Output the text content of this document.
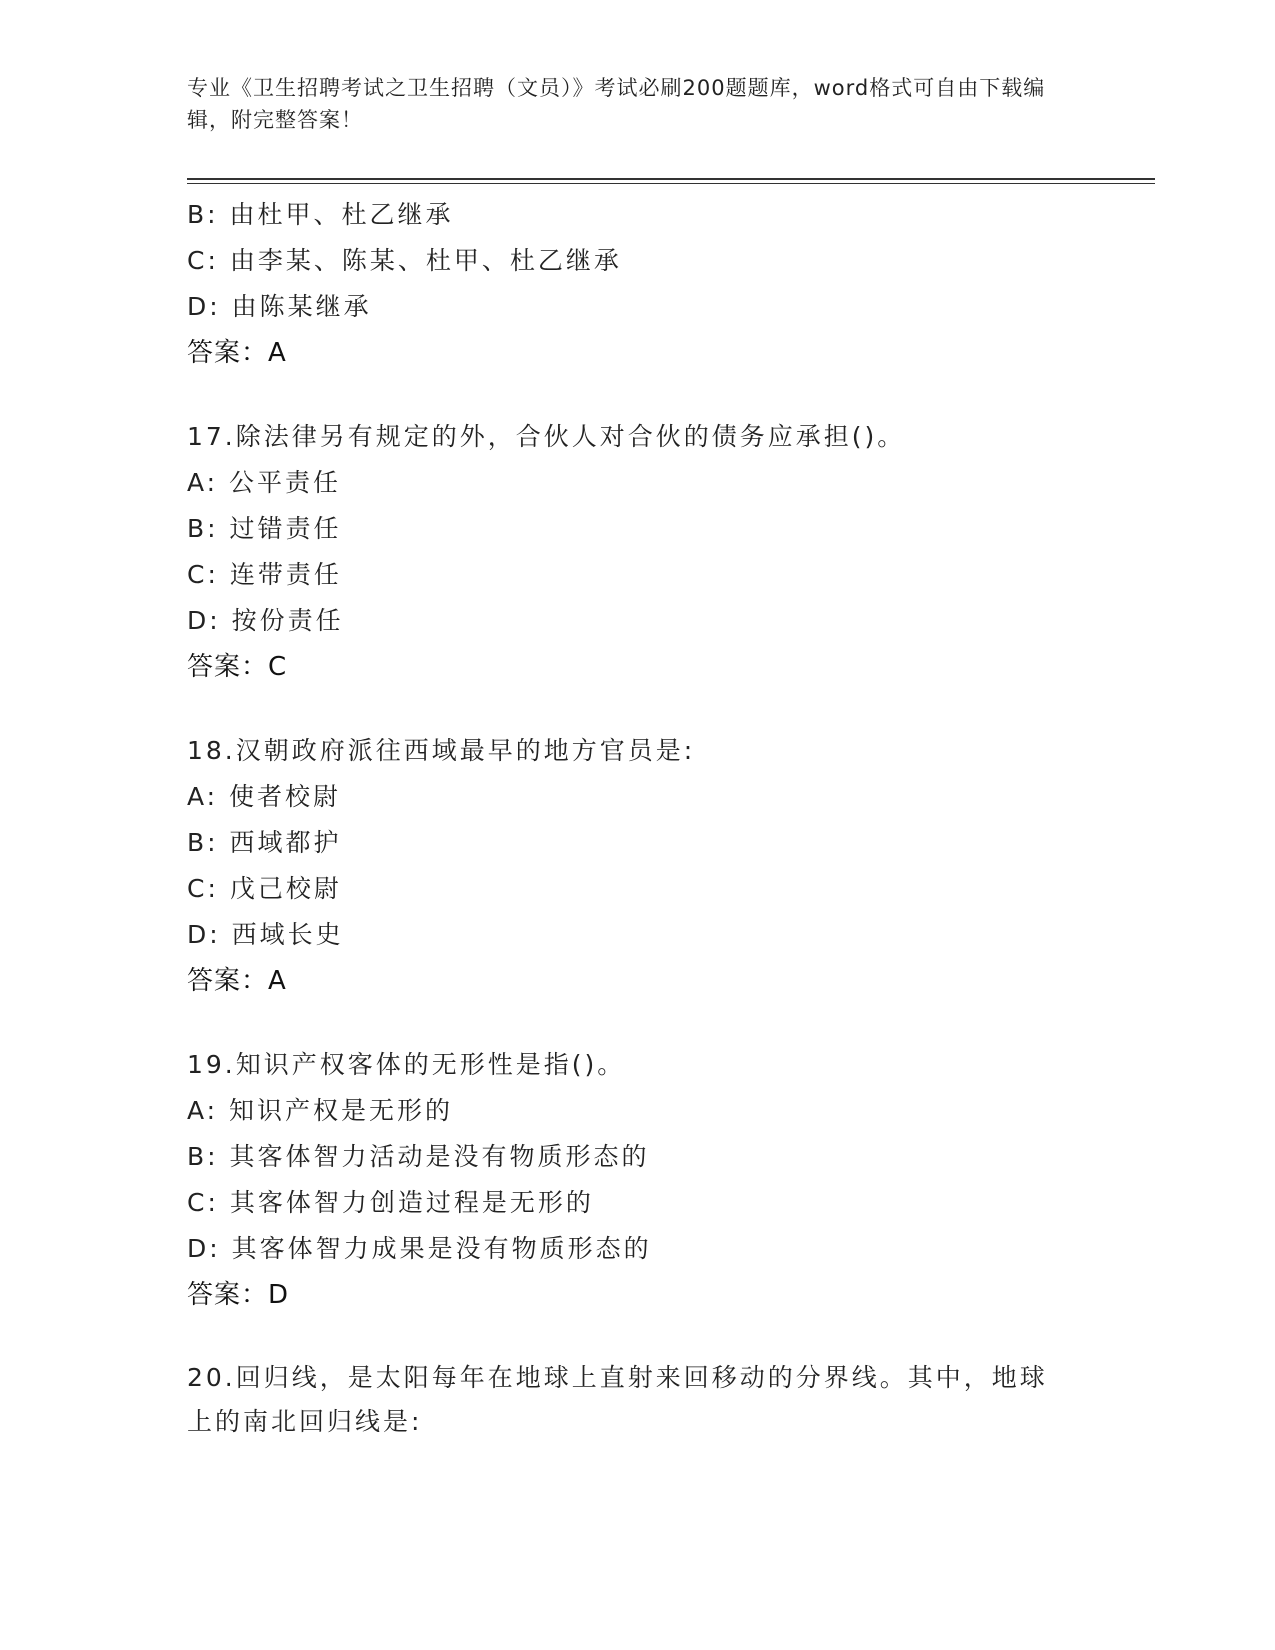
专业《卫生招聘考试之卫生招聘（文员）》考试必刷200题题库，word格式可自由下载编辑，附完整答案！
B: 由杜甲、杜乙继承
C: 由李某、陈某、杜甲、杜乙继承
D: 由陈某继承
答案：A
17.除法律另有规定的外，合伙人对合伙的债务应承担()。
A: 公平责任
B: 过错责任
C: 连带责任
D: 按份责任
答案：C
18.汉朝政府派往西域最早的地方官员是:
A: 使者校尉
B: 西域都护
C: 戊己校尉
D: 西域长史
答案：A
19.知识产权客体的无形性是指()。
A: 知识产权是无形的
B: 其客体智力活动是没有物质形态的
C: 其客体智力创造过程是无形的
D: 其客体智力成果是没有物质形态的
答案：D
20.回归线，是太阳每年在地球上直射来回移动的分界线。其中，地球上的南北回归线是:
